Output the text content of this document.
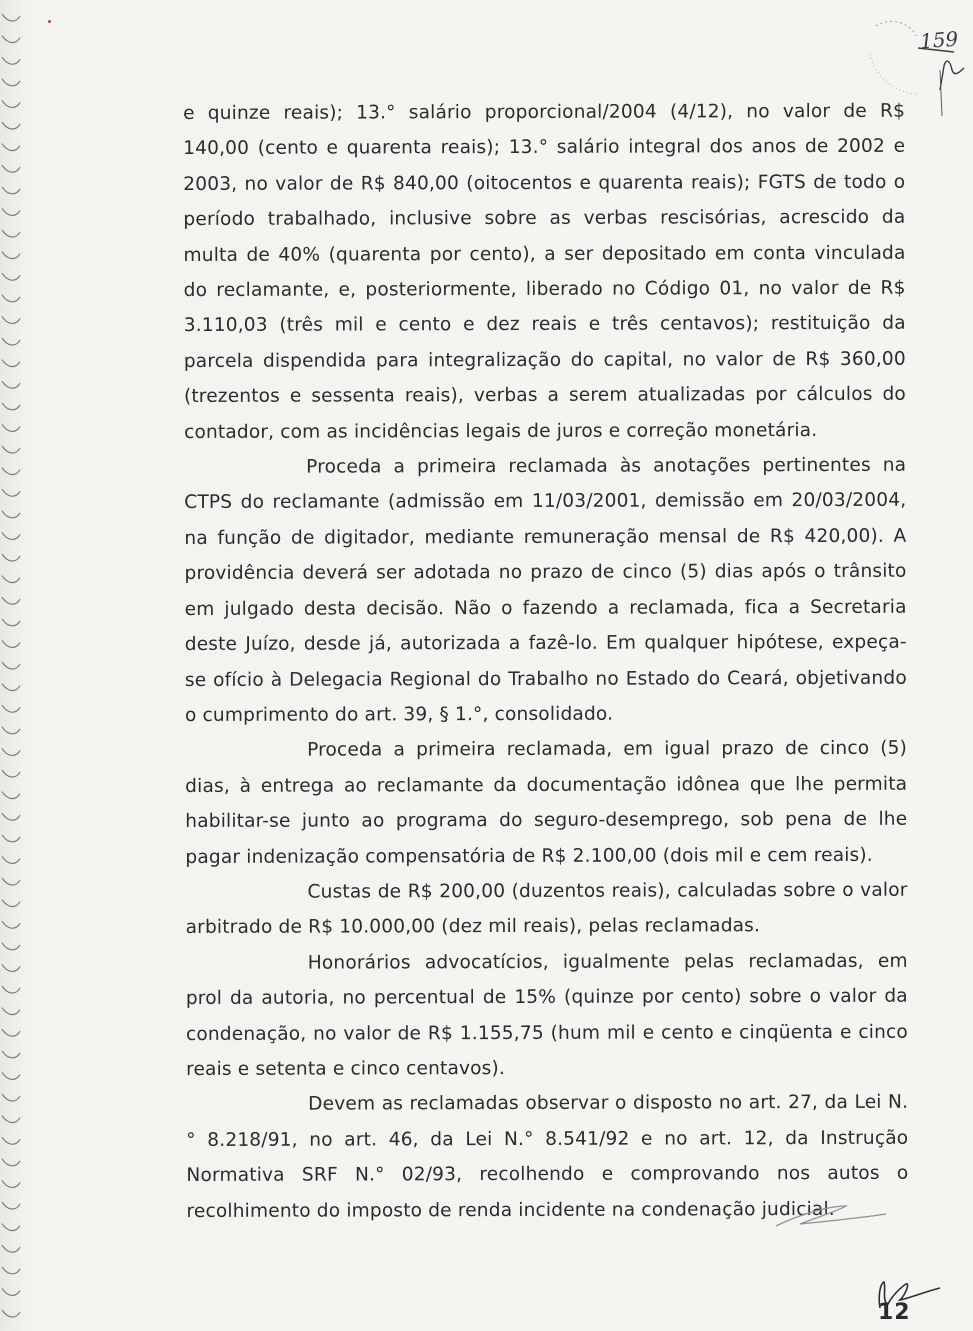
159

e quinze reais); 13.° salário proporcional/2004 (4/12), no valor de R$ 140,00 (cento e quarenta reais); 13.° salário integral dos anos de 2002 e 2003, no valor de R$ 840,00 (oitocentos e quarenta reais); FGTS de todo o período trabalhado, inclusive sobre as verbas rescisórias, acrescido da multa de 40% (quarenta por cento), a ser depositado em conta vinculada do reclamante, e, posteriormente, liberado no Código 01, no valor de R$ 3.110,03 (três mil e cento e dez reais e três centavos); restituição da parcela dispendida para integralização do capital, no valor de R$ 360,00 (trezentos e sessenta reais), verbas a serem atualizadas por cálculos do contador, com as incidências legais de juros e correção monetária.

Proceda a primeira reclamada às anotações pertinentes na CTPS do reclamante (admissão em 11/03/2001, demissão em 20/03/2004, na função de digitador, mediante remuneração mensal de R$ 420,00). A providência deverá ser adotada no prazo de cinco (5) dias após o trânsito em julgado desta decisão. Não o fazendo a reclamada, fica a Secretaria deste Juízo, desde já, autorizada a fazê-lo. Em qualquer hipótese, expeça-se ofício à Delegacia Regional do Trabalho no Estado do Ceará, objetivando o cumprimento do art. 39, § 1.°, consolidado.

Proceda a primeira reclamada, em igual prazo de cinco (5) dias, à entrega ao reclamante da documentação idônea que lhe permita habilitar-se junto ao programa do seguro-desemprego, sob pena de lhe pagar indenização compensatória de R$ 2.100,00 (dois mil e cem reais).

Custas de R$ 200,00 (duzentos reais), calculadas sobre o valor arbitrado de R$ 10.000,00 (dez mil reais), pelas reclamadas.

Honorários advocatícios, igualmente pelas reclamadas, em prol da autoria, no percentual de 15% (quinze por cento) sobre o valor da condenação, no valor de R$ 1.155,75 (hum mil e cento e cinqüenta e cinco reais e setenta e cinco centavos).

Devem as reclamadas observar o disposto no art. 27, da Lei N.° 8.218/91, no art. 46, da Lei N.° 8.541/92 e no art. 12, da Instrução Normativa SRF N.° 02/93, recolhendo e comprovando nos autos o recolhimento do imposto de renda incidente na condenação judicial.

12
